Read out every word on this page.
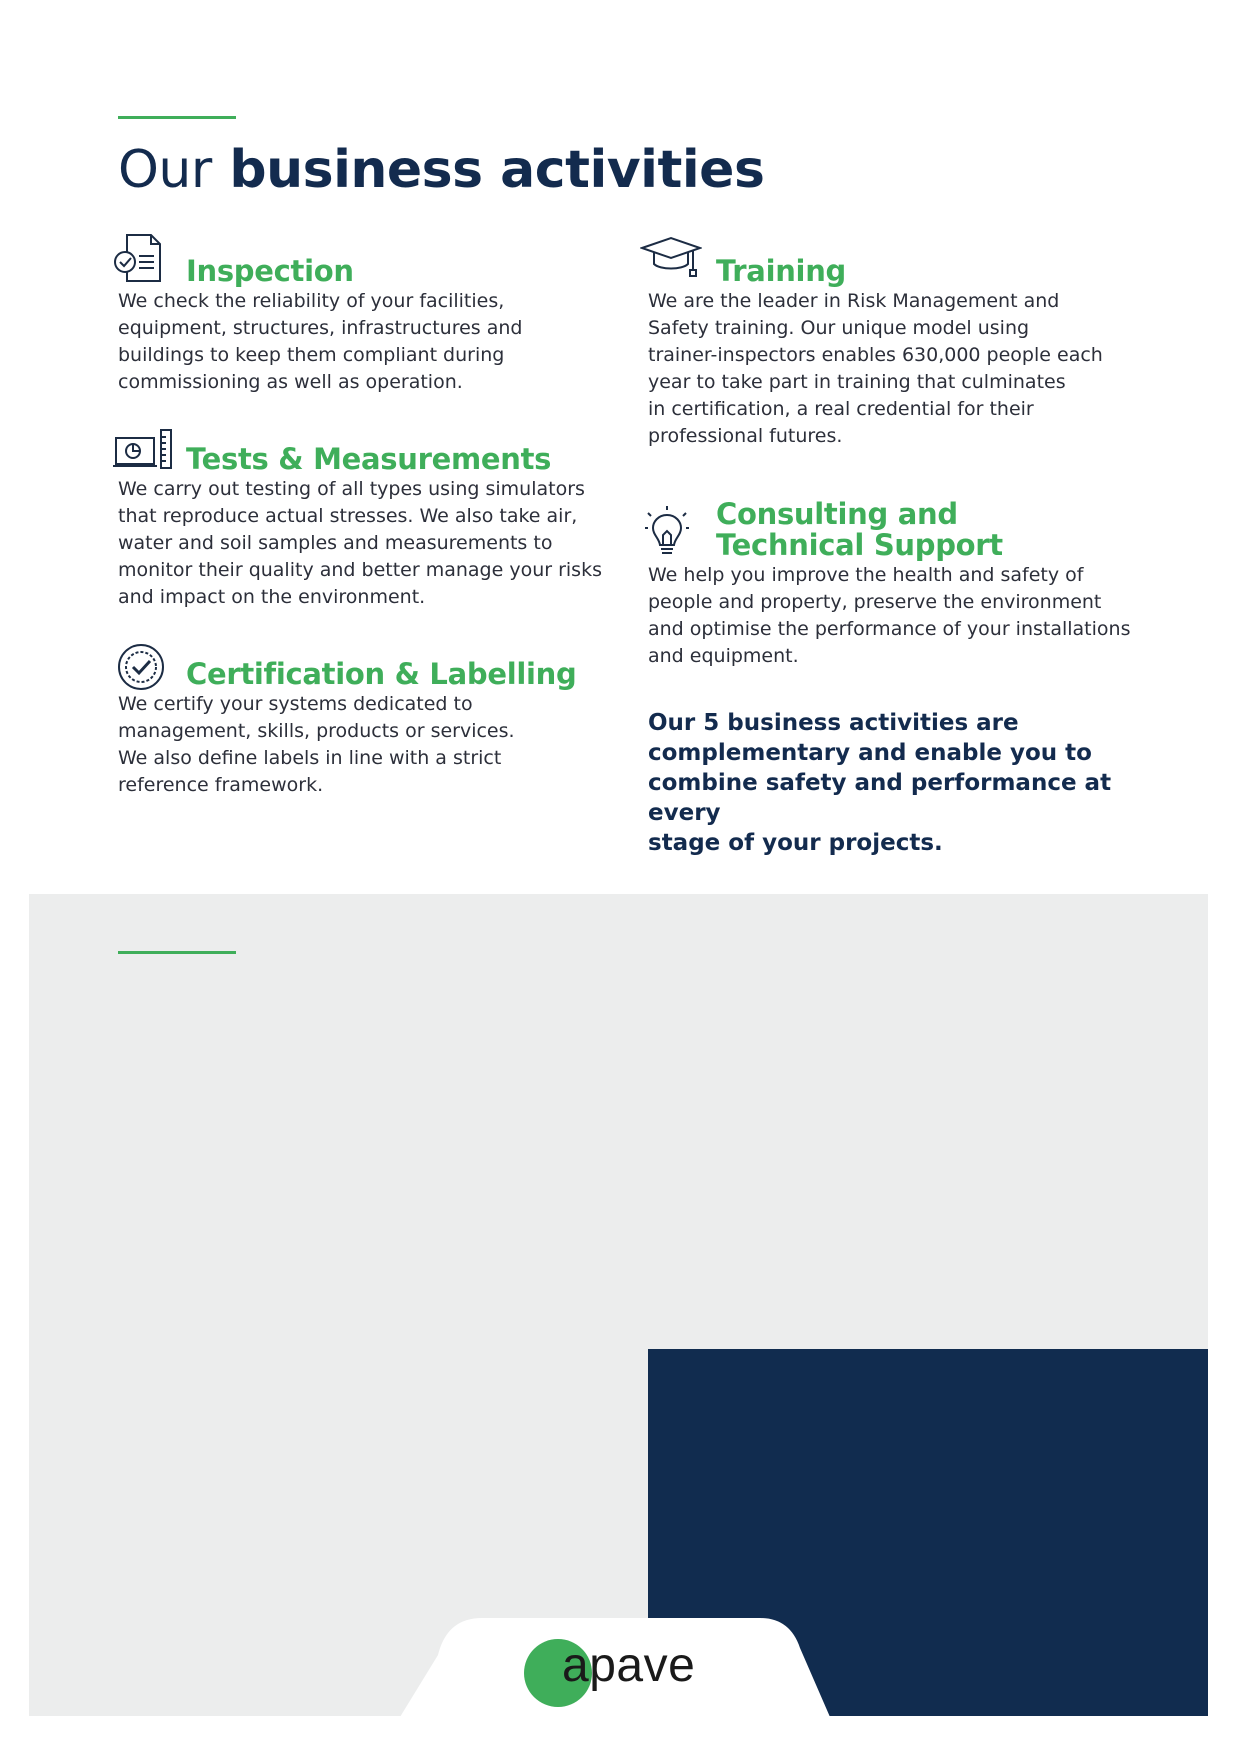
Our business activities
Inspection

We check the reliability of your facilities,
equipment, structures, infrastructures and
buildings to keep them compliant during
commissioning as well as operation.

Tests & Measurements

We carry out testing of all types using simulators
that reproduce actual stresses. We also take air,
water and soil samples and measurements to
monitor their quality and better manage your risks
and impact on the environment.

Certification & Labelling

We certify your systems dedicated to
management, skills, products or services.
We also define labels in line with a strict
reference framework.

Training

We are the leader in Risk Management and
Safety training. Our unique model using
trainer-inspectors enables 630,000 people each
year to take part in training that culminates
in certification, a real credential for their
professional futures.

Consulting and
Technical Support

We help you improve the health and safety of
people and property, preserve the environment
and optimise the performance of your installations
and equipment.

Our 5 business activities are
complementary and enable you to
combine safety and performance at every
stage of your projects.

apave
